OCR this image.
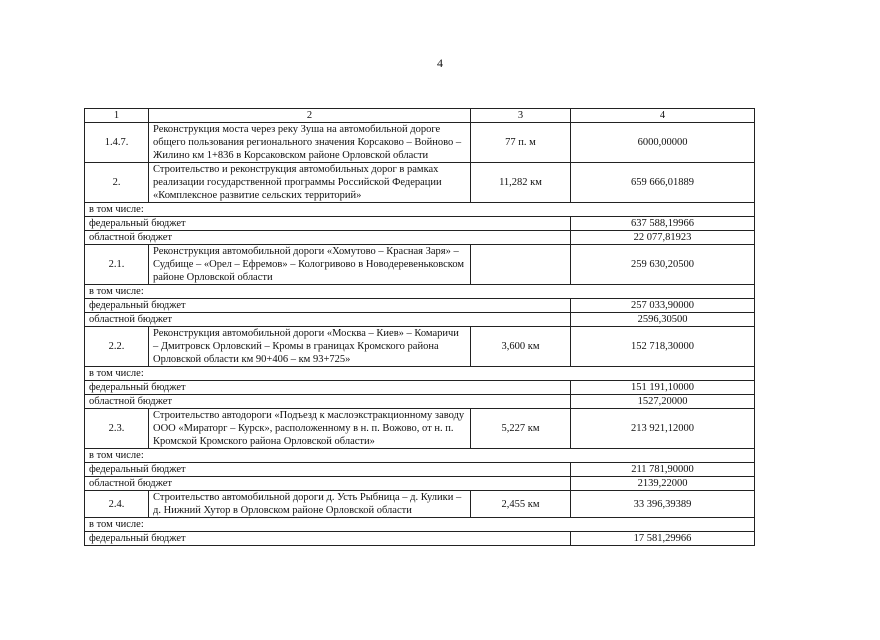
4
1	2	3	4
1.4.7.	Реконструкция моста через реку Зуша на автомобильной дороге общего пользования регионального значения Корсаково – Войново – Жилино км 1+836 в Корсаковском районе Орловской области	77 п. м	6000,00000
2.	Строительство и реконструкция автомобильных дорог в рамках реализации государственной программы Российской Федерации «Комплексное развитие сельских территорий»	11,282 км	659 666,01889
в том числе:			
федеральный бюджет			637 588,19966
областной бюджет			22 077,81923
2.1.	Реконструкция автомобильной дороги «Хомутово – Красная Заря» – Судбище – «Орел – Ефремов» – Кологривово в Новодеревеньковском районе Орловской области		259 630,20500
в том числе:			
федеральный бюджет			257 033,90000
областной бюджет			2596,30500
2.2.	Реконструкция автомобильной дороги «Москва – Киев» – Комаричи – Дмитровск Орловский – Кромы в границах Кромского района Орловской области км 90+406 – км 93+725»	3,600 км	152 718,30000
в том числе:			
федеральный бюджет			151 191,10000
областной бюджет			1527,20000
2.3.	Строительство автодороги «Подъезд к маслоэкстракционному заводу ООО «Мираторг – Курск», расположенному в н. п. Вожово, от н. п. Кромской Кромского района Орловской области»	5,227 км	213 921,12000
в том числе:			
федеральный бюджет			211 781,90000
областной бюджет			2139,22000
2.4.	Строительство автомобильной дороги д. Усть Рыбница – д. Кулики – д. Нижний Хутор в Орловском районе Орловской области	2,455 км	33 396,39389
в том числе:			
федеральный бюджет			17 581,29966
